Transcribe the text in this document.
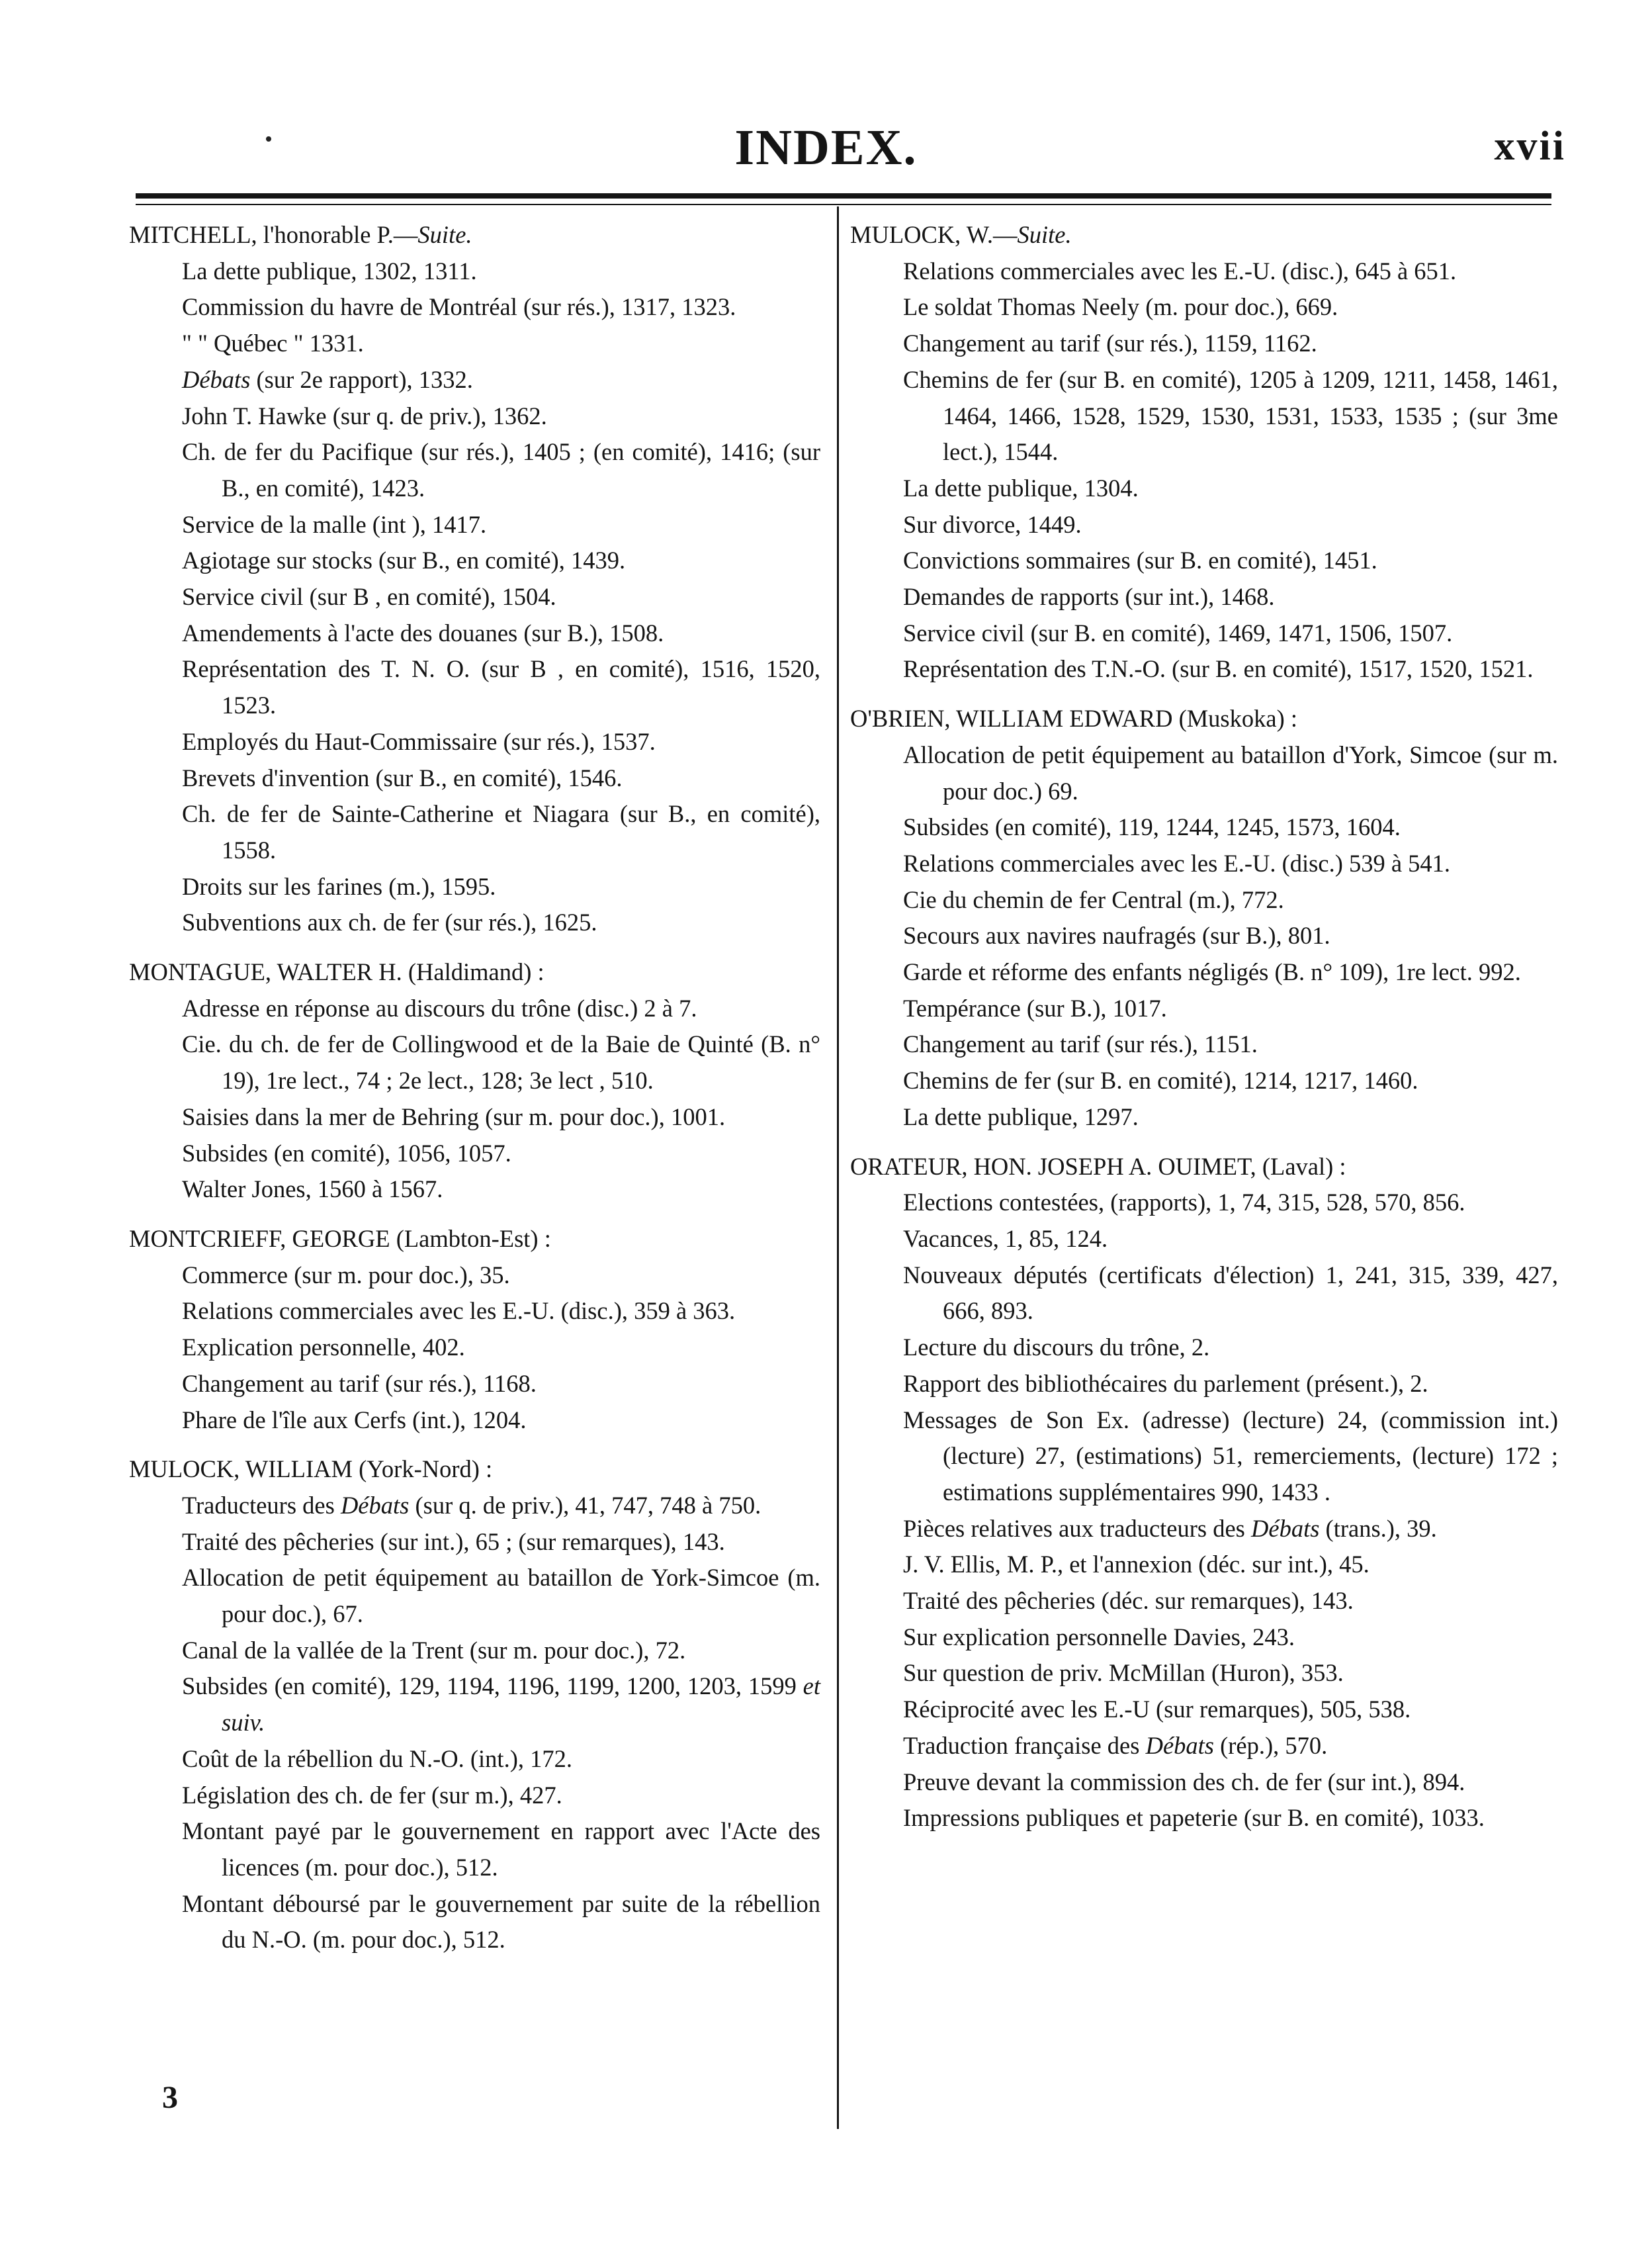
INDEX.	xvii
MITCHELL, l'honorable P.—Suite.
La dette publique, 1302, 1311.
Commission du havre de Montréal (sur rés.), 1317, 1323.
" " Québec " 1331.
Débats (sur 2e rapport), 1332.
John T. Hawke (sur q. de priv.), 1362.
Ch. de fer du Pacifique (sur rés.), 1405 ; (en comité), 1416; (sur B., en comité), 1423.
Service de la malle (int ), 1417.
Agiotage sur stocks (sur B., en comité), 1439.
Service civil (sur B , en comité), 1504.
Amendements à l'acte des douanes (sur B.), 1508.
Représentation des T. N. O. (sur B , en comité), 1516, 1520, 1523.
Employés du Haut-Commissaire (sur rés.), 1537.
Brevets d'invention (sur B., en comité), 1546.
Ch. de fer de Sainte-Catherine et Niagara (sur B., en comité), 1558.
Droits sur les farines (m.), 1595.
Subventions aux ch. de fer (sur rés.), 1625.
MONTAGUE, WALTER H. (Haldimand) :
Adresse en réponse au discours du trône (disc.) 2 à 7.
Cie. du ch. de fer de Collingwood et de la Baie de Quinté (B. n° 19), 1re lect., 74 ; 2e lect., 128; 3e lect , 510.
Saisies dans la mer de Behring (sur m. pour doc.), 1001.
Subsides (en comité), 1056, 1057.
Walter Jones, 1560 à 1567.
MONTCRIEFF, GEORGE (Lambton-Est) :
Commerce (sur m. pour doc.), 35.
Relations commerciales avec les E.-U. (disc.), 359 à 363.
Explication personnelle, 402.
Changement au tarif (sur rés.), 1168.
Phare de l'île aux Cerfs (int.), 1204.
MULOCK, WILLIAM (York-Nord) :
Traducteurs des Débats (sur q. de priv.), 41, 747, 748 à 750.
Traité des pêcheries (sur int.), 65 ; (sur remarques), 143.
Allocation de petit équipement au bataillon de York-Simcoe (m. pour doc.), 67.
Canal de la vallée de la Trent (sur m. pour doc.), 72.
Subsides (en comité), 129, 1194, 1196, 1199, 1200, 1203, 1599 et suiv.
Coût de la rébellion du N.-O. (int.), 172.
Législation des ch. de fer (sur m.), 427.
Montant payé par le gouvernement en rapport avec l'Acte des licences (m. pour doc.), 512.
Montant déboursé par le gouvernement par suite de la rébellion du N.-O. (m. pour doc.), 512.
MULOCK, W.—Suite.
Relations commerciales avec les E.-U. (disc.), 645 à 651.
Le soldat Thomas Neely (m. pour doc.), 669.
Changement au tarif (sur rés.), 1159, 1162.
Chemins de fer (sur B. en comité), 1205 à 1209, 1211, 1458, 1461, 1464, 1466, 1528, 1529, 1530, 1531, 1533, 1535 ; (sur 3me lect.), 1544.
La dette publique, 1304.
Sur divorce, 1449.
Convictions sommaires (sur B. en comité), 1451.
Demandes de rapports (sur int.), 1468.
Service civil (sur B. en comité), 1469, 1471, 1506, 1507.
Représentation des T.N.-O. (sur B. en comité), 1517, 1520, 1521.
O'BRIEN, WILLIAM EDWARD (Muskoka) :
Allocation de petit équipement au bataillon d'York, Simcoe (sur m. pour doc.) 69.
Subsides (en comité), 119, 1244, 1245, 1573, 1604.
Relations commerciales avec les E.-U. (disc.) 539 à 541.
Cie du chemin de fer Central (m.), 772.
Secours aux navires naufragés (sur B.), 801.
Garde et réforme des enfants négligés (B. n° 109), 1re lect. 992.
Tempérance (sur B.), 1017.
Changement au tarif (sur rés.), 1151.
Chemins de fer (sur B. en comité), 1214, 1217, 1460.
La dette publique, 1297.
ORATEUR, HON. JOSEPH A. OUIMET, (Laval) :
Elections contestées, (rapports), 1, 74, 315, 528, 570, 856.
Vacances, 1, 85, 124.
Nouveaux députés (certificats d'élection) 1, 241, 315, 339, 427, 666, 893.
Lecture du discours du trône, 2.
Rapport des bibliothécaires du parlement (présent.), 2.
Messages de Son Ex. (adresse) (lecture) 24, (commission int.) (lecture) 27, (estimations) 51, remerciements, (lecture) 172 ; estimations supplémentaires 990, 1433 .
Pièces relatives aux traducteurs des Débats (trans.), 39.
J. V. Ellis, M. P., et l'annexion (déc. sur int.), 45.
Traité des pêcheries (déc. sur remarques), 143.
Sur explication personnelle Davies, 243.
Sur question de priv. McMillan (Huron), 353.
Réciprocité avec les E.-U (sur remarques), 505, 538.
Traduction française des Débats (rép.), 570.
Preuve devant la commission des ch. de fer (sur int.), 894.
Impressions publiques et papeterie (sur B. en comité), 1033.
3
